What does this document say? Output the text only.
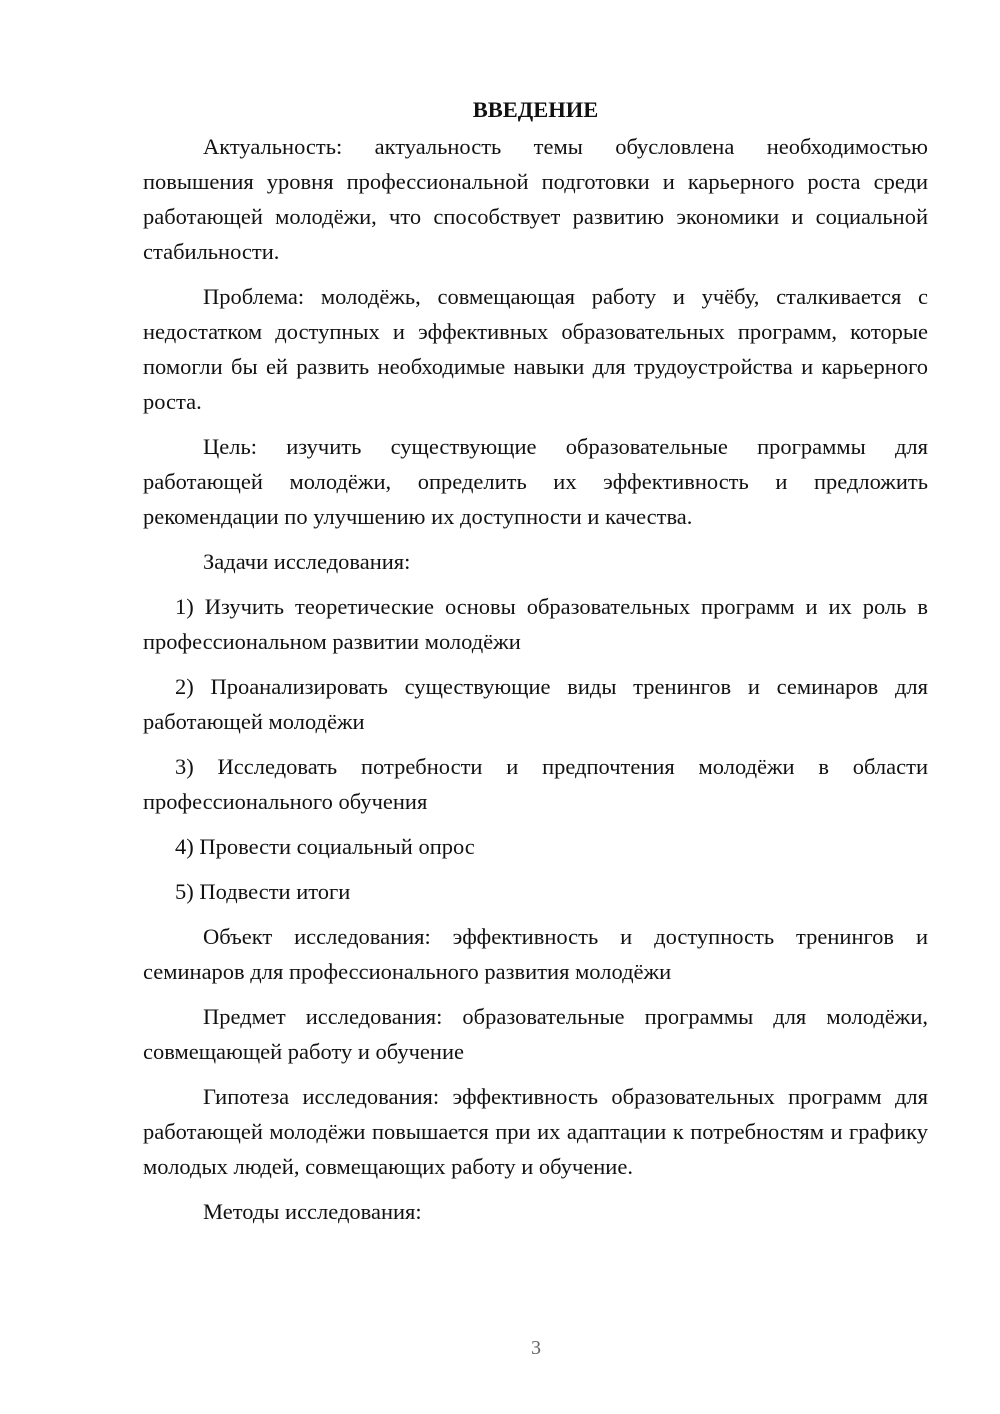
ВВЕДЕНИЕ

Актуальность: актуальность темы обусловлена необходимостью повышения уровня профессиональной подготовки и карьерного роста среди работающей молодёжи, что способствует развитию экономики и социальной стабильности.

Проблема: молодёжь, совмещающая работу и учёбу, сталкивается с недостатком доступных и эффективных образовательных программ, которые помогли бы ей развить необходимые навыки для трудоустройства и карьерного роста.

Цель: изучить существующие образовательные программы для работающей молодёжи, определить их эффективность и предложить рекомендации по улучшению их доступности и качества.

Задачи исследования:

1) Изучить теоретические основы образовательных программ и их роль в профессиональном развитии молодёжи

2) Проанализировать существующие виды тренингов и семинаров для работающей молодёжи

3) Исследовать потребности и предпочтения молодёжи в области профессионального обучения

4) Провести социальный опрос

5) Подвести итоги

Объект исследования: эффективность и доступность тренингов и семинаров для профессионального развития молодёжи

Предмет исследования: образовательные программы для молодёжи, совмещающей работу и обучение

Гипотеза исследования: эффективность образовательных программ для работающей молодёжи повышается при их адаптации к потребностям и графику молодых людей, совмещающих работу и обучение.

Методы исследования:

3
